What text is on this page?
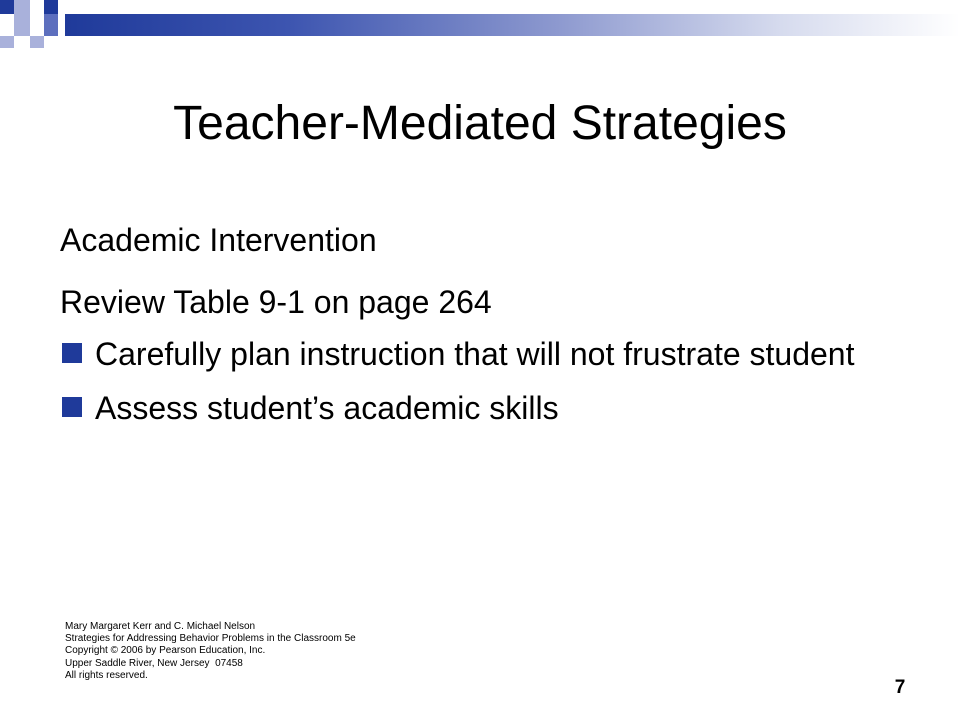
Teacher-Mediated Strategies
Academic Intervention
Review Table 9-1 on page 264
Carefully plan instruction that will not frustrate student
Assess student’s academic skills
Mary Margaret Kerr and C. Michael Nelson
Strategies for Addressing Behavior Problems in the Classroom 5e
Copyright © 2006 by Pearson Education, Inc.
Upper Saddle River, New Jersey  07458
All rights reserved.
7
